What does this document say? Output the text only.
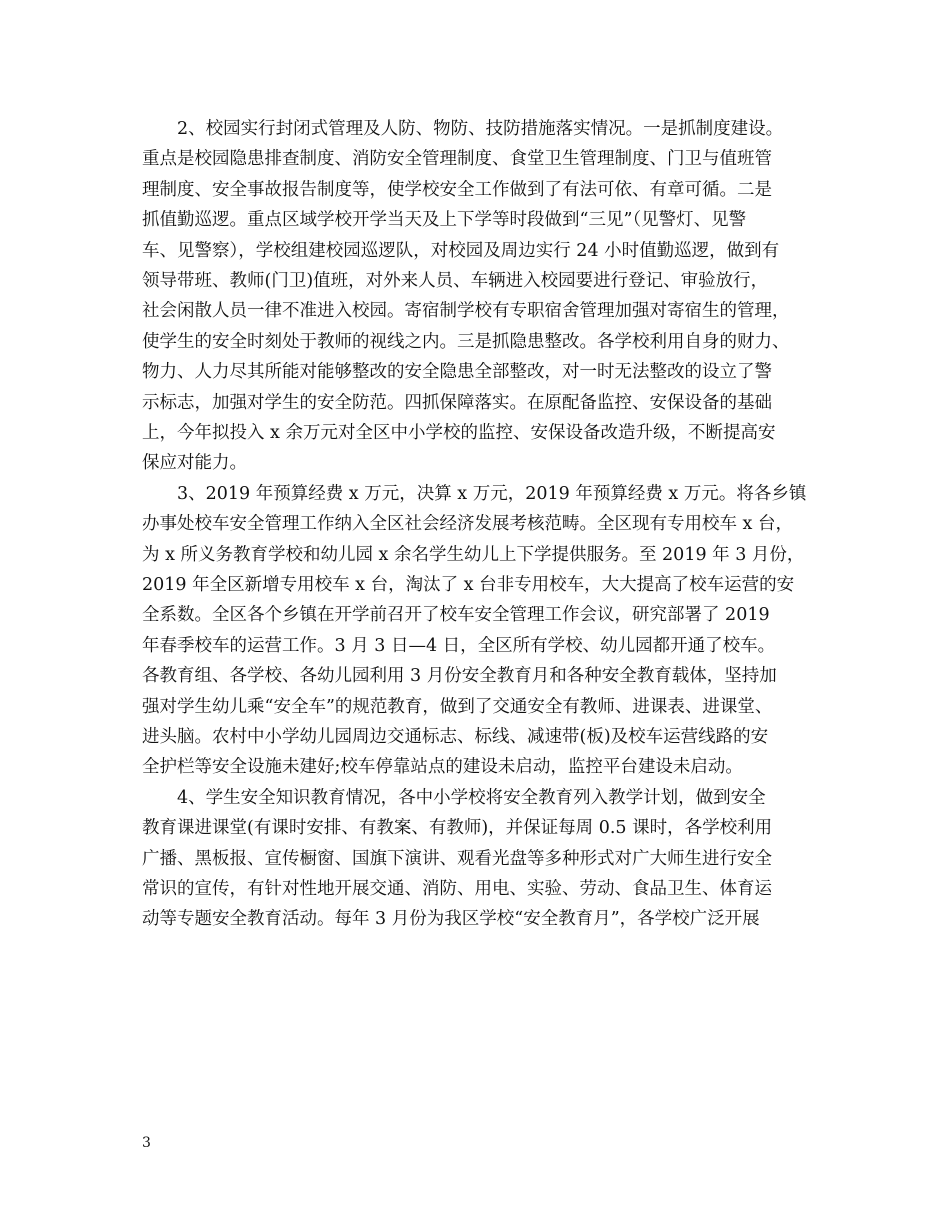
　　2、校园实行封闭式管理及人防、物防、技防措施落实情况。一是抓制度建设。
重点是校园隐患排查制度、消防安全管理制度、食堂卫生管理制度、门卫与值班管
理制度、安全事故报告制度等，使学校安全工作做到了有法可依、有章可循。二是
抓值勤巡逻。重点区域学校开学当天及上下学等时段做到“三见”（见警灯、见警
车、见警察），学校组建校园巡逻队，对校园及周边实行 24 小时值勤巡逻，做到有
领导带班、教师(门卫)值班，对外来人员、车辆进入校园要进行登记、审验放行，
社会闲散人员一律不准进入校园。寄宿制学校有专职宿舍管理加强对寄宿生的管理，
使学生的安全时刻处于教师的视线之内。三是抓隐患整改。各学校利用自身的财力、
物力、人力尽其所能对能够整改的安全隐患全部整改，对一时无法整改的设立了警
示标志，加强对学生的安全防范。四抓保障落实。在原配备监控、安保设备的基础
上，今年拟投入 x 余万元对全区中小学校的监控、安保设备改造升级，不断提高安
保应对能力。
　　3、2019 年预算经费 x 万元，决算 x 万元，2019 年预算经费 x 万元。将各乡镇
办事处校车安全管理工作纳入全区社会经济发展考核范畴。全区现有专用校车 x 台，
为 x 所义务教育学校和幼儿园 x 余名学生幼儿上下学提供服务。至 2019 年 3 月份，
2019 年全区新增专用校车 x 台，淘汰了 x 台非专用校车，大大提高了校车运营的安
全系数。全区各个乡镇在开学前召开了校车安全管理工作会议，研究部署了 2019
年春季校车的运营工作。3 月 3 日—4 日，全区所有学校、幼儿园都开通了校车。
各教育组、各学校、各幼儿园利用 3 月份安全教育月和各种安全教育载体，坚持加
强对学生幼儿乘“安全车”的规范教育，做到了交通安全有教师、进课表、进课堂、
进头脑。农村中小学幼儿园周边交通标志、标线、减速带(板)及校车运营线路的安
全护栏等安全设施未建好;校车停靠站点的建设未启动，监控平台建设未启动。
　　4、学生安全知识教育情况，各中小学校将安全教育列入教学计划，做到安全
教育课进课堂(有课时安排、有教案、有教师)，并保证每周 0.5 课时，各学校利用
广播、黑板报、宣传橱窗、国旗下演讲、观看光盘等多种形式对广大师生进行安全
常识的宣传，有针对性地开展交通、消防、用电、实验、劳动、食品卫生、体育运
动等专题安全教育活动。每年 3 月份为我区学校“安全教育月”，各学校广泛开展
3
